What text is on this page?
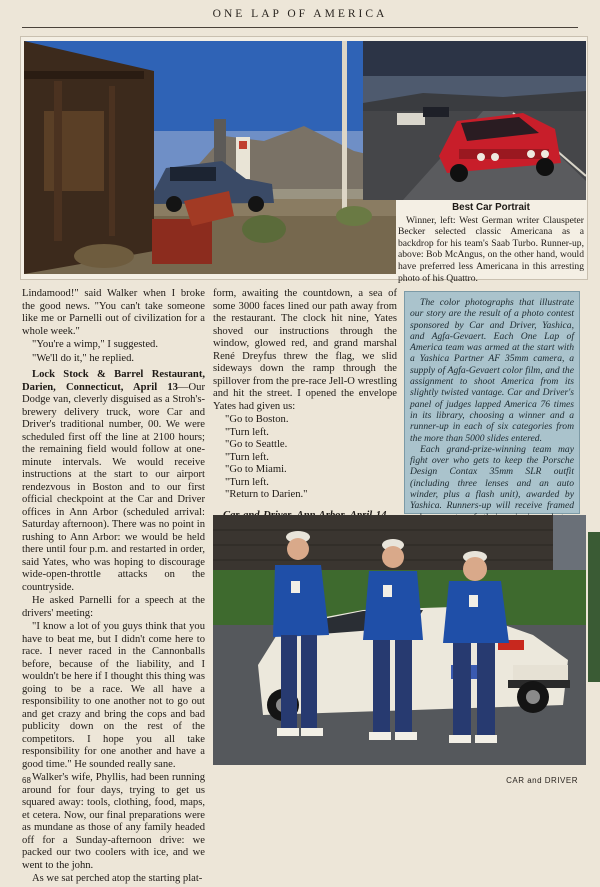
ONE LAP OF AMERICA
Best Car Portrait
Winner, left: West German writer Clauspeter Becker selected classic Americana as a backdrop for his team's Saab Turbo. Runner-up, above: Bob McAngus, on the other hand, would have preferred less Americana in this arresting photo of his Quattro.

Lindamood!" said Walker when I broke the good news. "You can't take someone like me or Parnelli out of civilization for a whole week."

"You're a wimp," I suggested.

"We'll do it," he replied.

Lock Stock & Barrel Restaurant, Darien, Connecticut, April 13—Our Dodge van, cleverly disguised as a Stroh's-brewery delivery truck, wore Car and Driver's traditional number, 00. We were scheduled first off the line at 2100 hours; the remaining field would follow at one-minute intervals. We would receive instructions at the start to our airport rendezvous in Boston and to our first official checkpoint at the Car and Driver offices in Ann Arbor (scheduled arrival: Saturday afternoon). There was no point in rushing to Ann Arbor: we would be held there until four p.m. and restarted in order, said Yates, who was hoping to discourage wide-open-throttle attacks on the countryside.

He asked Parnelli for a speech at the drivers' meeting:

"I know a lot of you guys think that you have to beat me, but I didn't come here to race. I never raced in the Cannonballs before, because of the liability, and I wouldn't be here if I thought this thing was going to be a race. We all have a responsibility to one another not to go out and get crazy and bring the cops and bad publicity down on the rest of the competitors. I hope you all take responsibility for one another and have a good time." He sounded really sane.

Walker's wife, Phyllis, had been running around for four days, trying to get us squared away: tools, clothing, food, maps, et cetera. Now, our final preparations were as mundane as those of any family headed off for a Sunday-afternoon drive: we packed our two coolers with ice, and we went to the john.

As we sat perched atop the starting plat-

form, awaiting the countdown, a sea of some 3000 faces lined our path away from the restaurant. The clock hit nine, Yates shoved our instructions through the window, glowed red, and grand marshal René Dreyfus threw the flag, we slid sideways down the ramp through the spillover from the pre-race Jell-O wrestling and hit the street. I opened the envelope Yates had given us:

"Go to Boston.
"Turn left.
"Go to Seattle.
"Turn left.
"Go to Miami.
"Turn left.
"Return to Darien."

The color photographs that illustrate our story are the result of a photo contest sponsored by Car and Driver, Yashica, and Agfa-Gevaert. Each One Lap of America team was armed at the start with a Yashica Partner AF 35mm camera, a supply of Agfa-Gevaert color film, and the assignment to shoot America from its slightly twisted vantage. Car and Driver's panel of judges lapped America 76 times in its library, choosing a winner and a runner-up in each of six categories from the more than 5000 slides entered.

Each grand-prize-winning team may fight over who gets to keep the Porsche Design Contax 35mm SLR outfit (including three lenses and an auto winder, plus a flash unit), awarded by Yashica. Runners-up will receive framed

68	CAR and DRIVER
